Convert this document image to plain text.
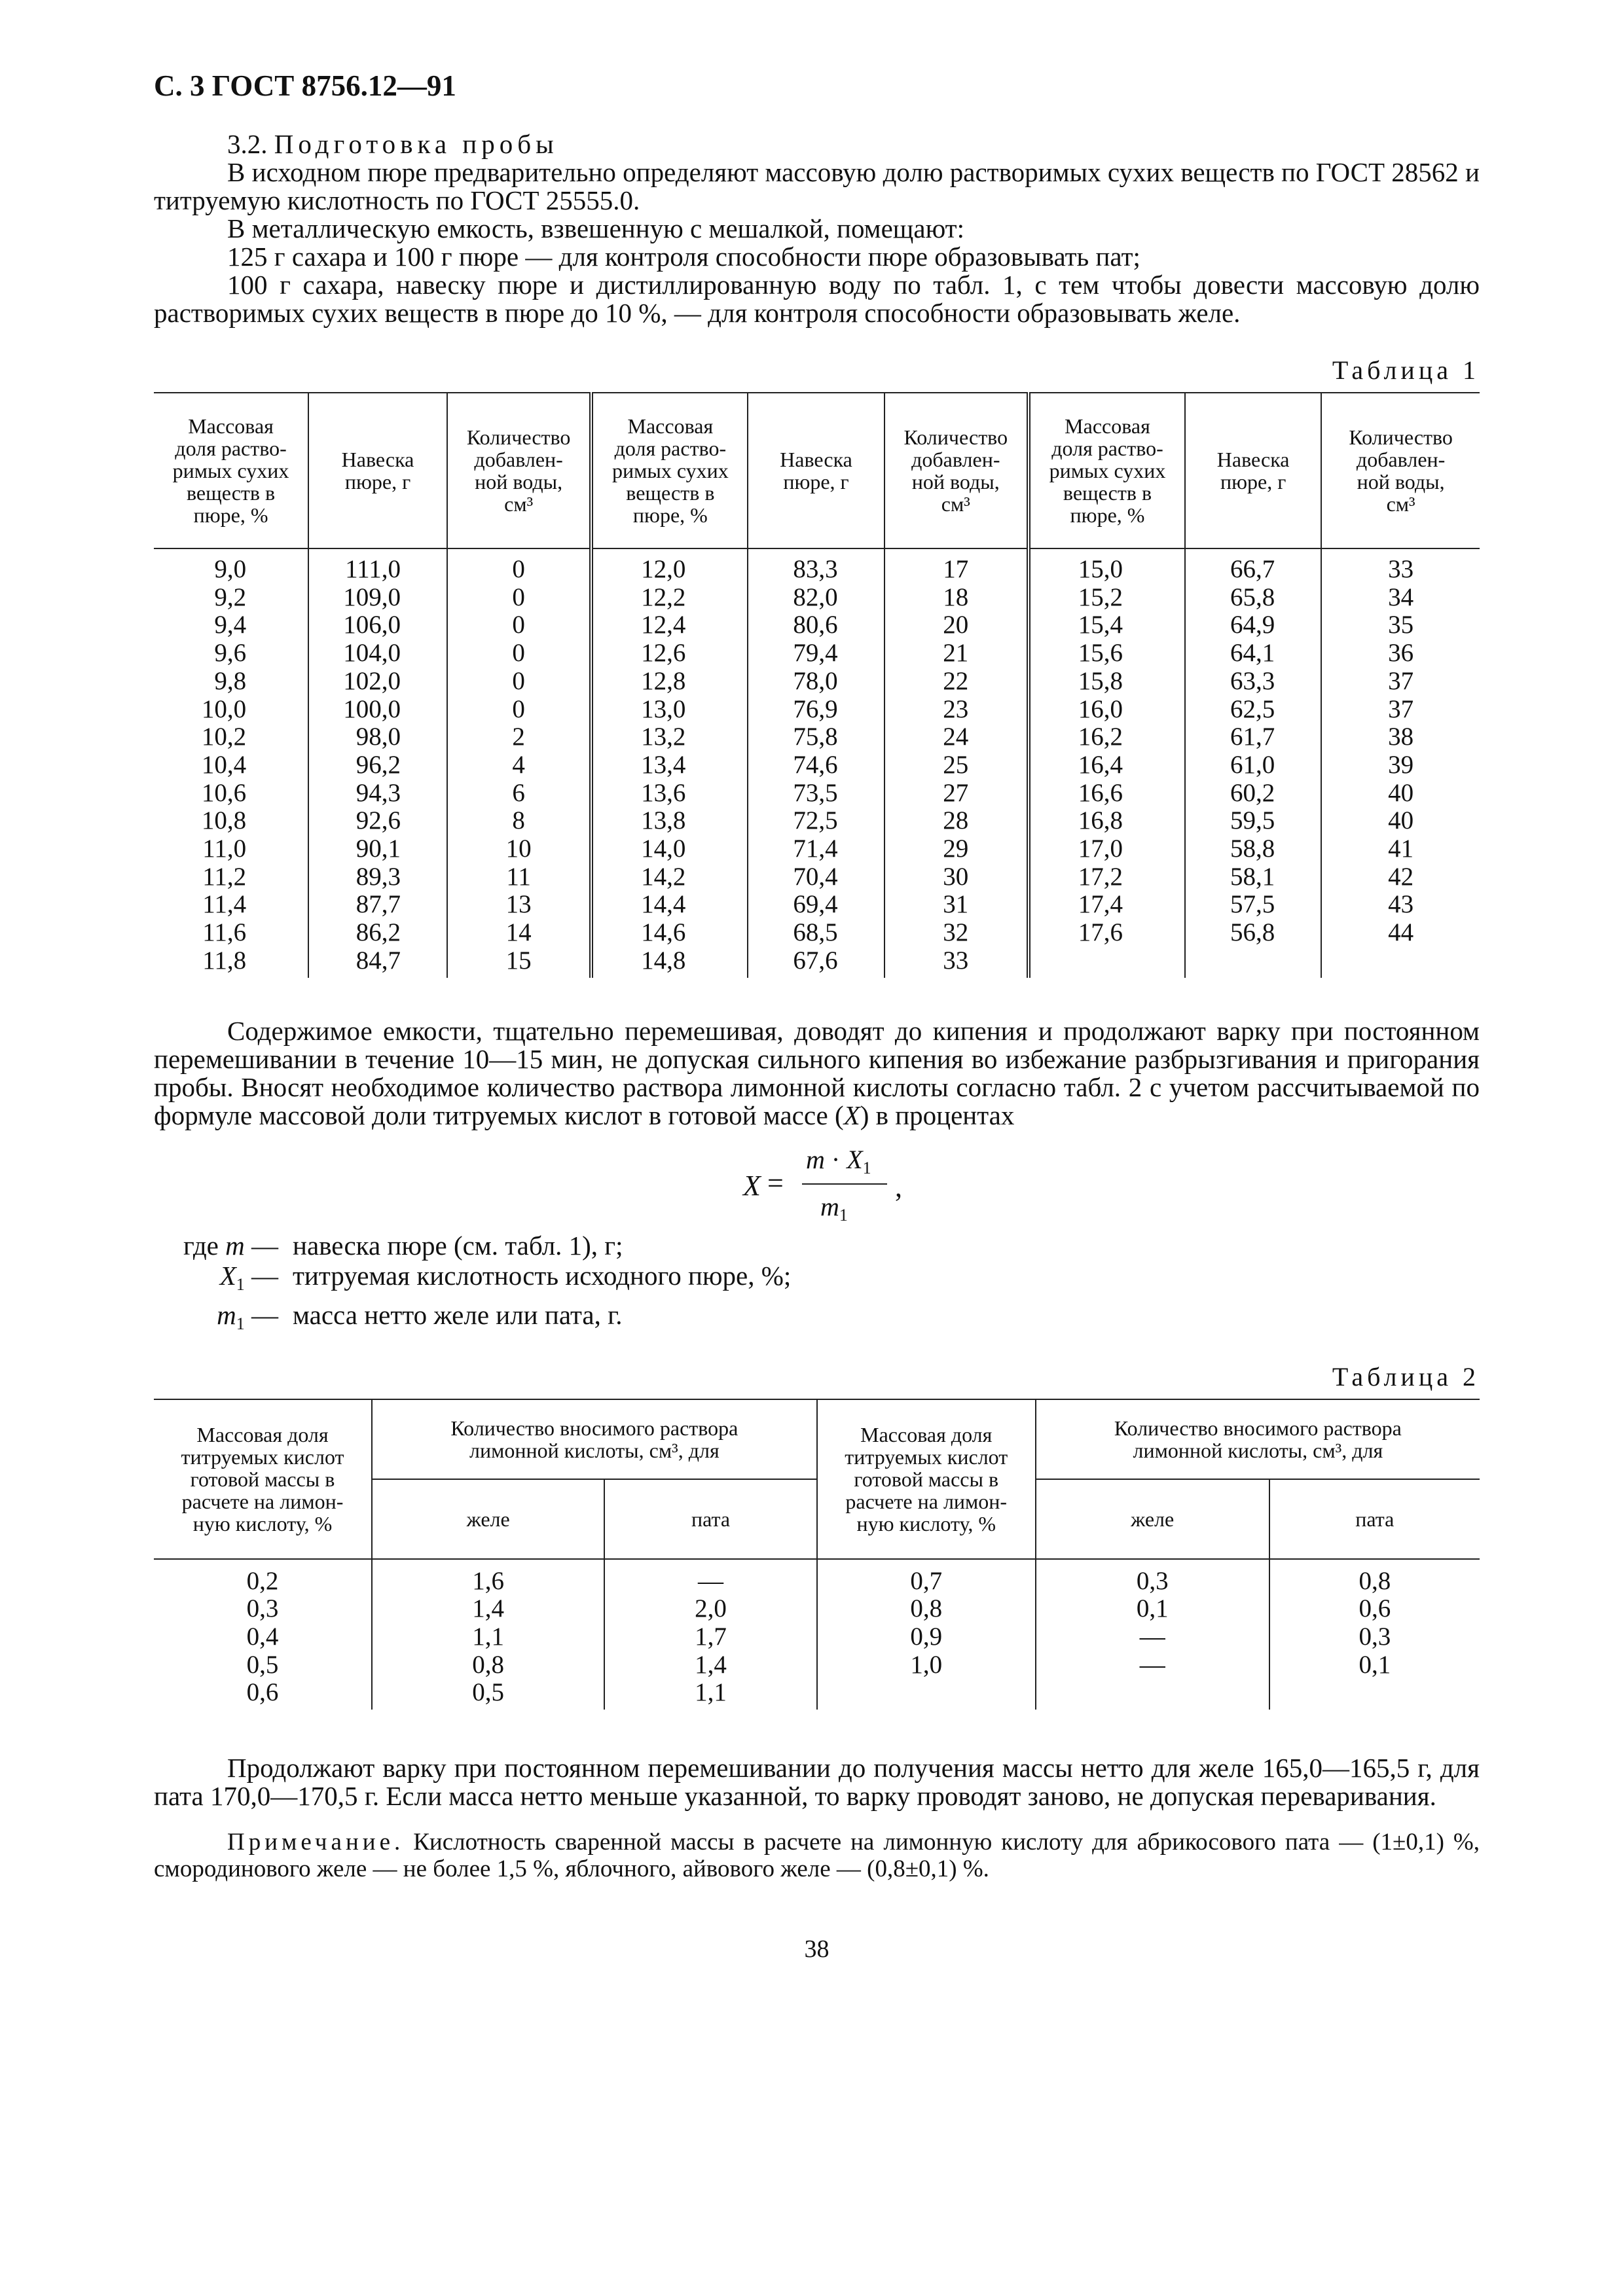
С. 3 ГОСТ 8756.12—91

3.2. Подготовка пробы

В исходном пюре предварительно определяют массовую долю растворимых сухих веществ по ГОСТ 28562 и титруемую кислотность по ГОСТ 25555.0.

В металлическую емкость, взвешенную с мешалкой, помещают:

125 г сахара и 100 г пюре — для контроля способности пюре образовывать пат;

100 г сахара, навеску пюре и дистиллированную воду по табл. 1, с тем чтобы довести массовую долю растворимых сухих веществ в пюре до 10 %, — для контроля способности образовывать желе.

Таблица 1
Массовая
доля раство-
римых сухих
веществ в
пюре, %	Навеска
пюре, г	Количество
добавлен-
ной воды,
см³	Массовая
доля раство-
римых сухих
веществ в
пюре, %	Навеска
пюре, г	Количество
добавлен-
ной воды,
см³	Массовая
доля раство-
римых сухих
веществ в
пюре, %	Навеска
пюре, г	Количество
добавлен-
ной воды,
см³
9,0	111,0	0	12,0	83,3	17	15,0	66,7	33
9,2	109,0	0	12,2	82,0	18	15,2	65,8	34
9,4	106,0	0	12,4	80,6	20	15,4	64,9	35
9,6	104,0	0	12,6	79,4	21	15,6	64,1	36
9,8	102,0	0	12,8	78,0	22	15,8	63,3	37
10,0	100,0	0	13,0	76,9	23	16,0	62,5	37
10,2	98,0	2	13,2	75,8	24	16,2	61,7	38
10,4	96,2	4	13,4	74,6	25	16,4	61,0	39
10,6	94,3	6	13,6	73,5	27	16,6	60,2	40
10,8	92,6	8	13,8	72,5	28	16,8	59,5	40
11,0	90,1	10	14,0	71,4	29	17,0	58,8	41
11,2	89,3	11	14,2	70,4	30	17,2	58,1	42
11,4	87,7	13	14,4	69,4	31	17,4	57,5	43
11,6	86,2	14	14,6	68,5	32	17,6	56,8	44
11,8	84,7	15	14,8	67,6	33			

Содержимое емкости, тщательно перемешивая, доводят до кипения и продолжают варку при постоянном перемешивании в течение 10—15 мин, не допуская сильного кипения во избежание разбрызгивания и пригорания пробы. Вносят необходимое количество раствора лимонной кислоты согласно табл. 2 с учетом рассчитываемой по формуле массовой доли титруемых кислот в готовой массе (X) в процентах

X =
$m \cdot X_1$
$m_1$
,
где m — навеска пюре (см. табл. 1), г;
$X_1$ — титруемая кислотность исходного пюре, %;
$m_1$ — масса нетто желе или пата, г.
Таблица 2
Массовая доля
титруемых кислот
готовой массы в
расчете на лимон-
ную кислоту, %	Количество вносимого раствора
лимонной кислоты, см³, для		Массовая доля
титруемых кислот
готовой массы в
расчете на лимон-
ную кислоту, %	Количество вносимого раствора
лимонной кислоты, см³, для	
	желе	пата		желе	пата
0,2	1,6	—	0,7	0,3	0,8
0,3	1,4	2,0	0,8	0,1	0,6
0,4	1,1	1,7	0,9	—	0,3
0,5	0,8	1,4	1,0	—	0,1
0,6	0,5	1,1			

Продолжают варку при постоянном перемешивании до получения массы нетто для желе 165,0—165,5 г, для пата 170,0—170,5 г. Если масса нетто меньше указанной, то варку проводят заново, не допуская переваривания.

Примечание. Кислотность сваренной массы в расчете на лимонную кислоту для абрикосового пата — (1±0,1) %, смородинового желе — не более 1,5 %, яблочного, айвового желе — (0,8±0,1) %.
38
